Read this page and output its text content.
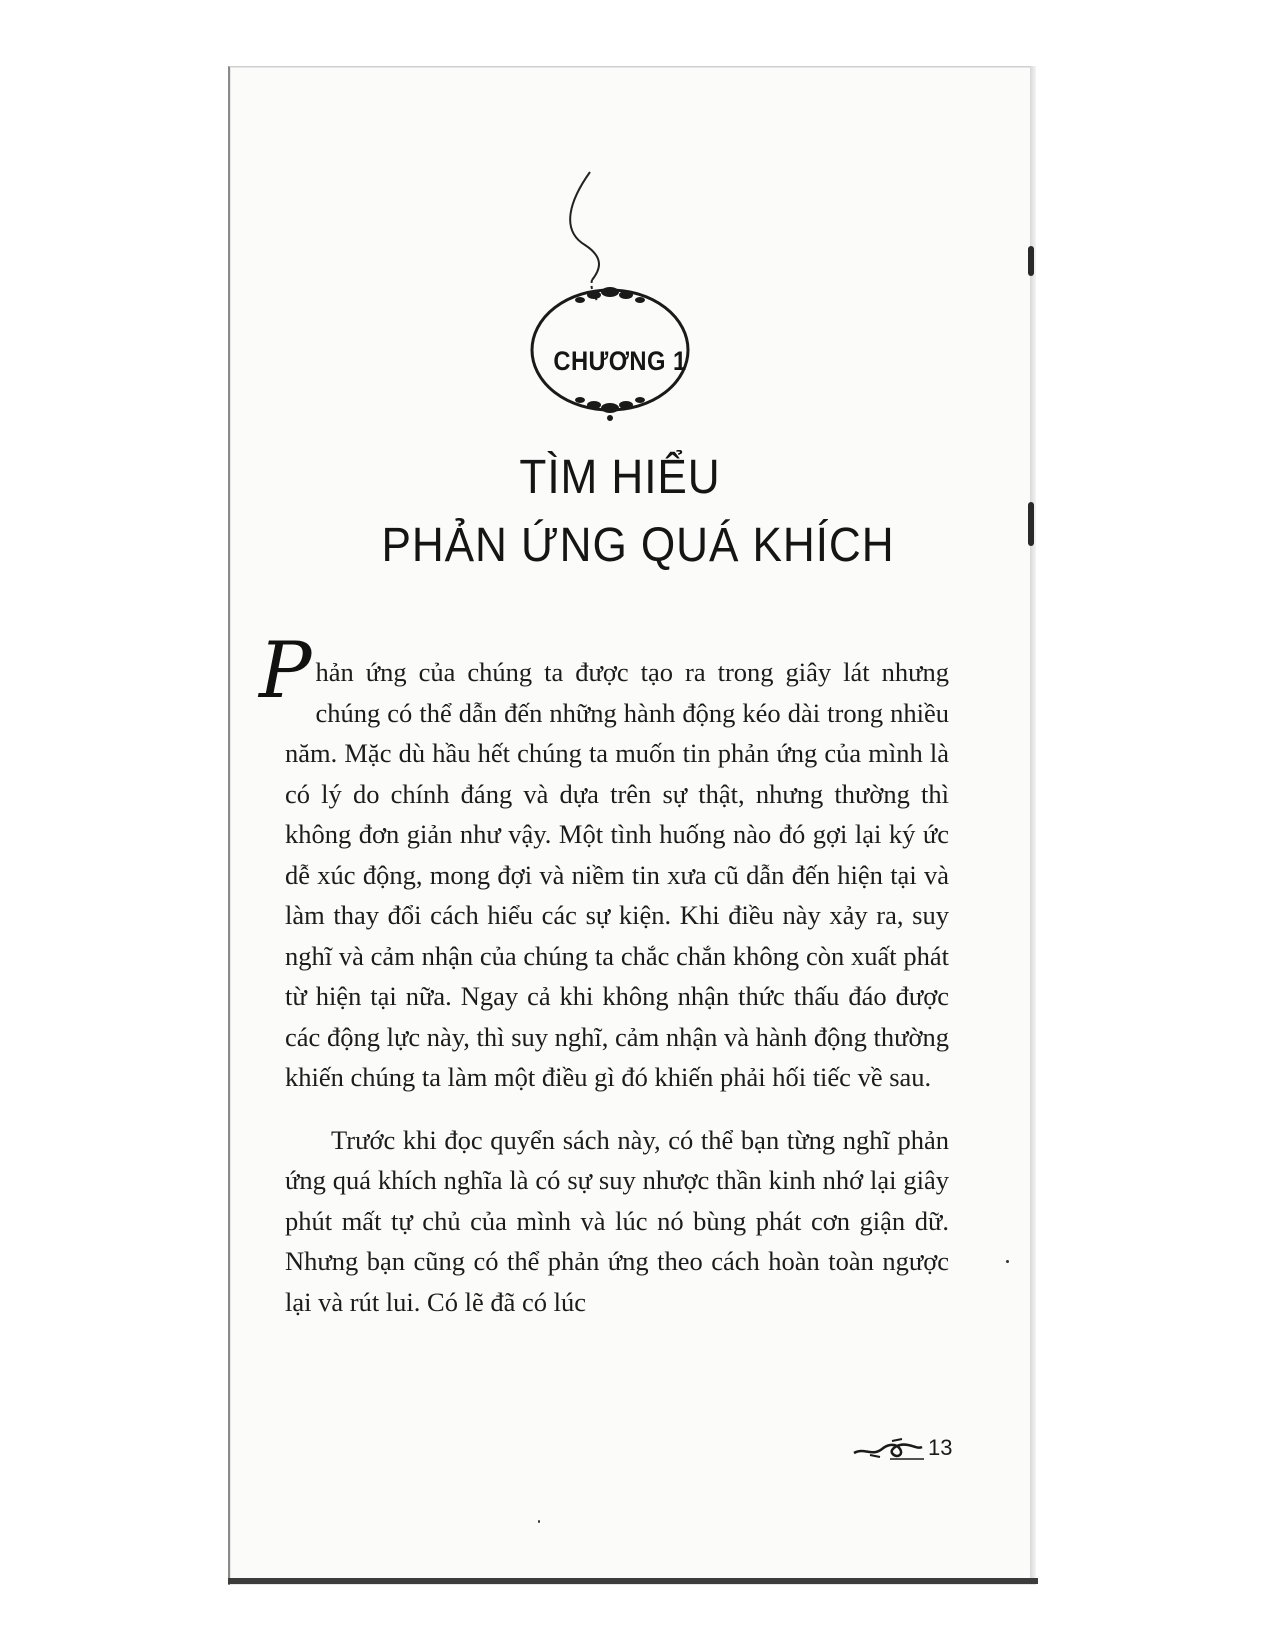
CHƯƠNG 1
TÌM HIỂU
PHẢN ỨNG QUÁ KHÍCH

Phản ứng của chúng ta được tạo ra trong giây lát nhưng chúng có thể dẫn đến những hành động kéo dài trong nhiều năm. Mặc dù hầu hết chúng ta muốn tin phản ứng của mình là có lý do chính đáng và dựa trên sự thật, nhưng thường thì không đơn giản như vậy. Một tình huống nào đó gợi lại ký ức dễ xúc động, mong đợi và niềm tin xưa cũ dẫn đến hiện tại và làm thay đổi cách hiểu các sự kiện. Khi điều này xảy ra, suy nghĩ và cảm nhận của chúng ta chắc chắn không còn xuất phát từ hiện tại nữa. Ngay cả khi không nhận thức thấu đáo được các động lực này, thì suy nghĩ, cảm nhận và hành động thường khiến chúng ta làm một điều gì đó khiến phải hối tiếc về sau.

Trước khi đọc quyển sách này, có thể bạn từng nghĩ phản ứng quá khích nghĩa là có sự suy nhược thần kinh nhớ lại giây phút mất tự chủ của mình và lúc nó bùng phát cơn giận dữ. Nhưng bạn cũng có thể phản ứng theo cách hoàn toàn ngược lại và rút lui. Có lẽ đã có lúc

13
